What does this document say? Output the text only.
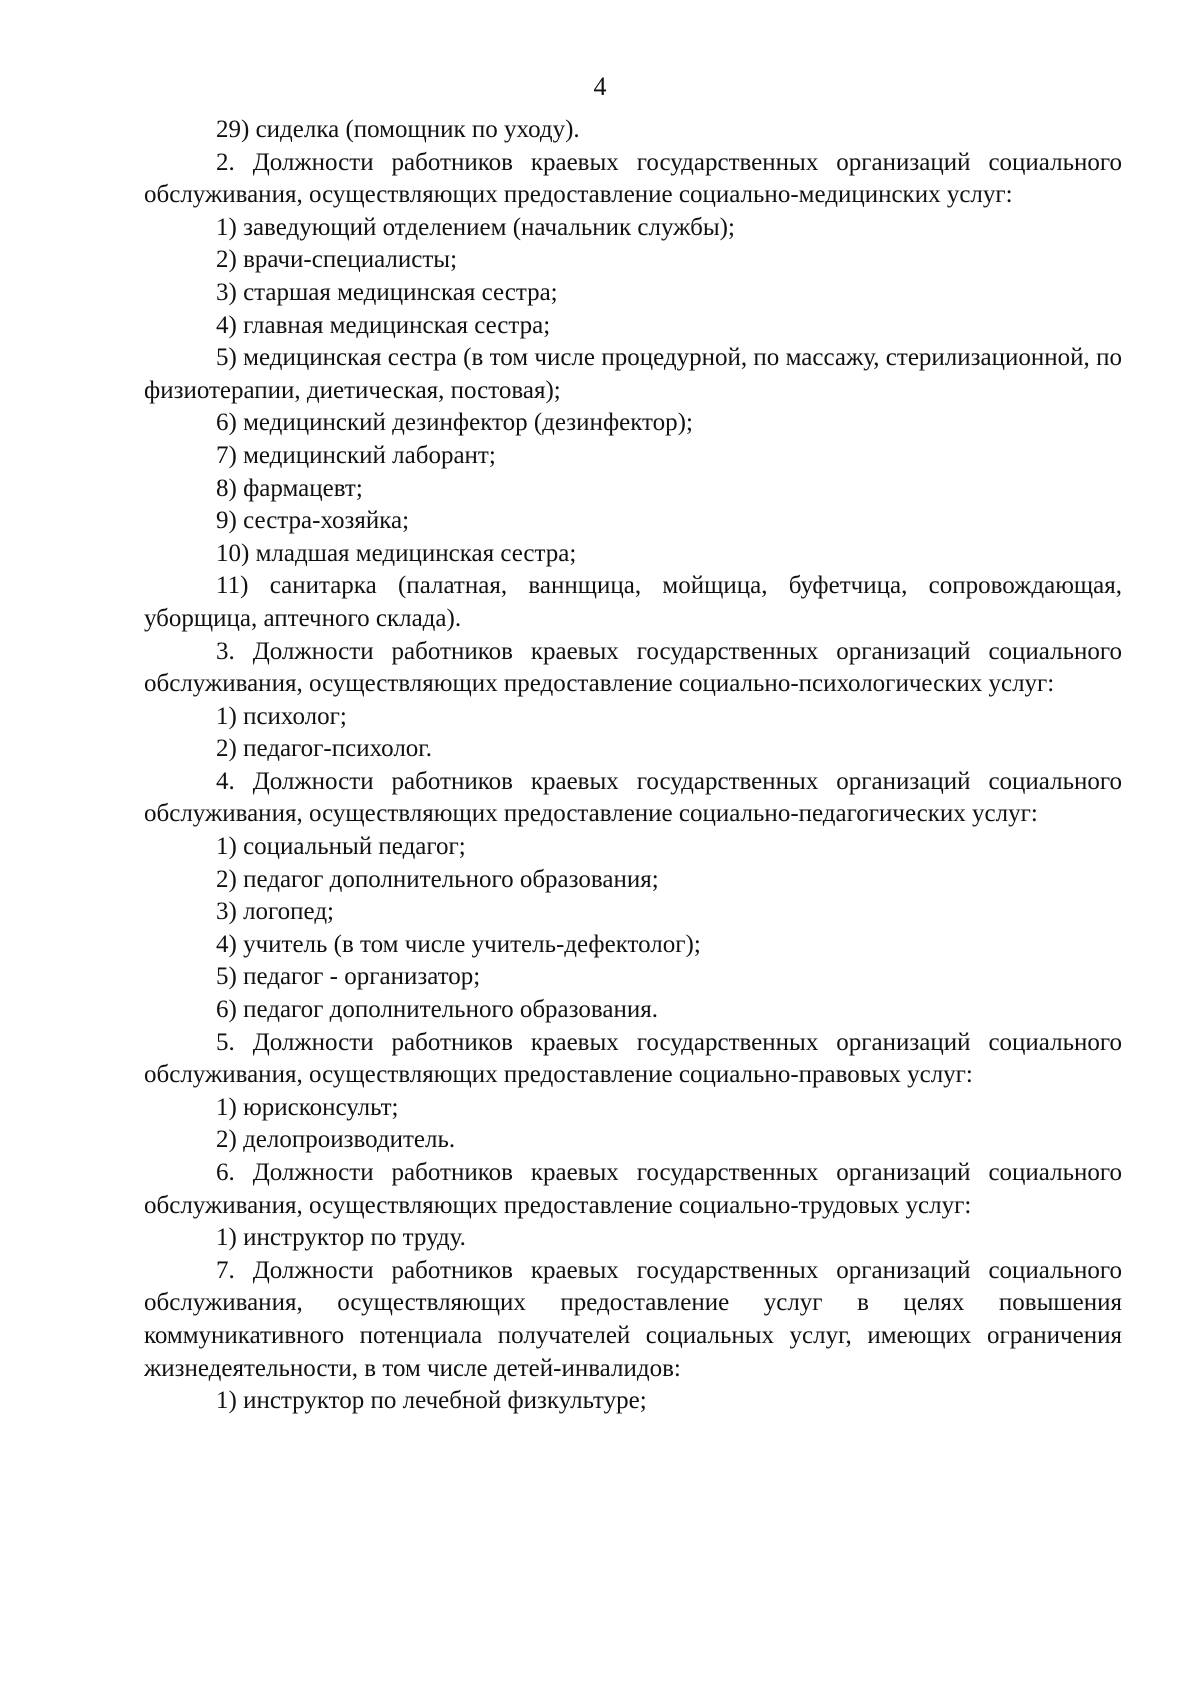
4

29) сиделка (помощник по уходу).

2. Должности работников краевых государственных организаций социального обслуживания, осуществляющих предоставление социально-медицинских услуг:

1) заведующий отделением (начальник службы);

2) врачи-специалисты;

3) старшая медицинская сестра;

4) главная медицинская сестра;

5) медицинская сестра (в том числе процедурной, по массажу, стерилизационной, по физиотерапии, диетическая, постовая);

6) медицинский дезинфектор (дезинфектор);

7) медицинский лаборант;

8) фармацевт;

9) сестра-хозяйка;

10) младшая медицинская сестра;

11) санитарка (палатная, ваннщица, мойщица, буфетчица, сопровождающая, уборщица, аптечного склада).

3. Должности работников краевых государственных организаций социального обслуживания, осуществляющих предоставление социально-психологических услуг:

1) психолог;

2) педагог-психолог.

4. Должности работников краевых государственных организаций социального обслуживания, осуществляющих предоставление социально-педагогических услуг:

1) социальный педагог;

2) педагог дополнительного образования;

3) логопед;

4) учитель (в том числе учитель-дефектолог);

5) педагог - организатор;

6) педагог дополнительного образования.

5. Должности работников краевых государственных организаций социального обслуживания, осуществляющих предоставление социально-правовых услуг:

1) юрисконсульт;

2) делопроизводитель.

6. Должности работников краевых государственных организаций социального обслуживания, осуществляющих предоставление социально-трудовых услуг:

1) инструктор по труду.

7. Должности работников краевых государственных организаций социального обслуживания, осуществляющих предоставление услуг в целях повышения коммуникативного потенциала получателей социальных услуг, имеющих ограничения жизнедеятельности, в том числе детей-инвалидов:

1) инструктор по лечебной физкультуре;
